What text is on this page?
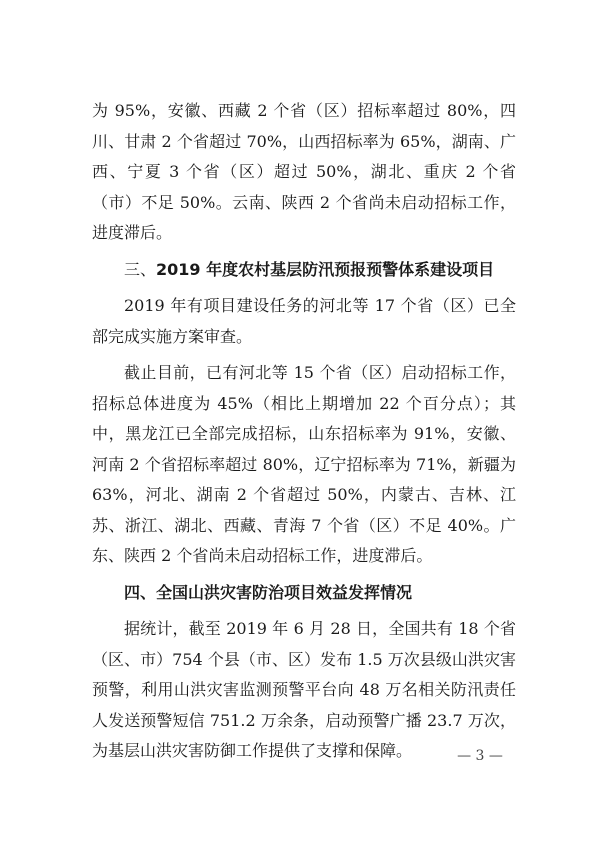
为 95%，安徽、西藏 2 个省（区）招标率超过 80%，四川、甘肃 2 个省超过 70%，山西招标率为 65%，湖南、广西、宁夏 3 个省（区）超过 50%，湖北、重庆 2 个省（市）不足 50%。云南、陕西 2 个省尚未启动招标工作，进度滞后。

三、2019 年度农村基层防汛预报预警体系建设项目

2019 年有项目建设任务的河北等 17 个省（区）已全部完成实施方案审查。

截止目前，已有河北等 15 个省（区）启动招标工作，招标总体进度为 45%（相比上期增加 22 个百分点）；其中，黑龙江已全部完成招标，山东招标率为 91%，安徽、河南 2 个省招标率超过 80%，辽宁招标率为 71%，新疆为 63%，河北、湖南 2 个省超过 50%，内蒙古、吉林、江苏、浙江、湖北、西藏、青海 7 个省（区）不足 40%。广东、陕西 2 个省尚未启动招标工作，进度滞后。

四、全国山洪灾害防治项目效益发挥情况

据统计，截至 2019 年 6 月 28 日，全国共有 18 个省（区、市）754 个县（市、区）发布 1.5 万次县级山洪灾害预警，利用山洪灾害监测预警平台向 48 万名相关防汛责任人发送预警短信 751.2 万余条，启动预警广播 23.7 万次，为基层山洪灾害防御工作提供了支撑和保障。	— 3 —
